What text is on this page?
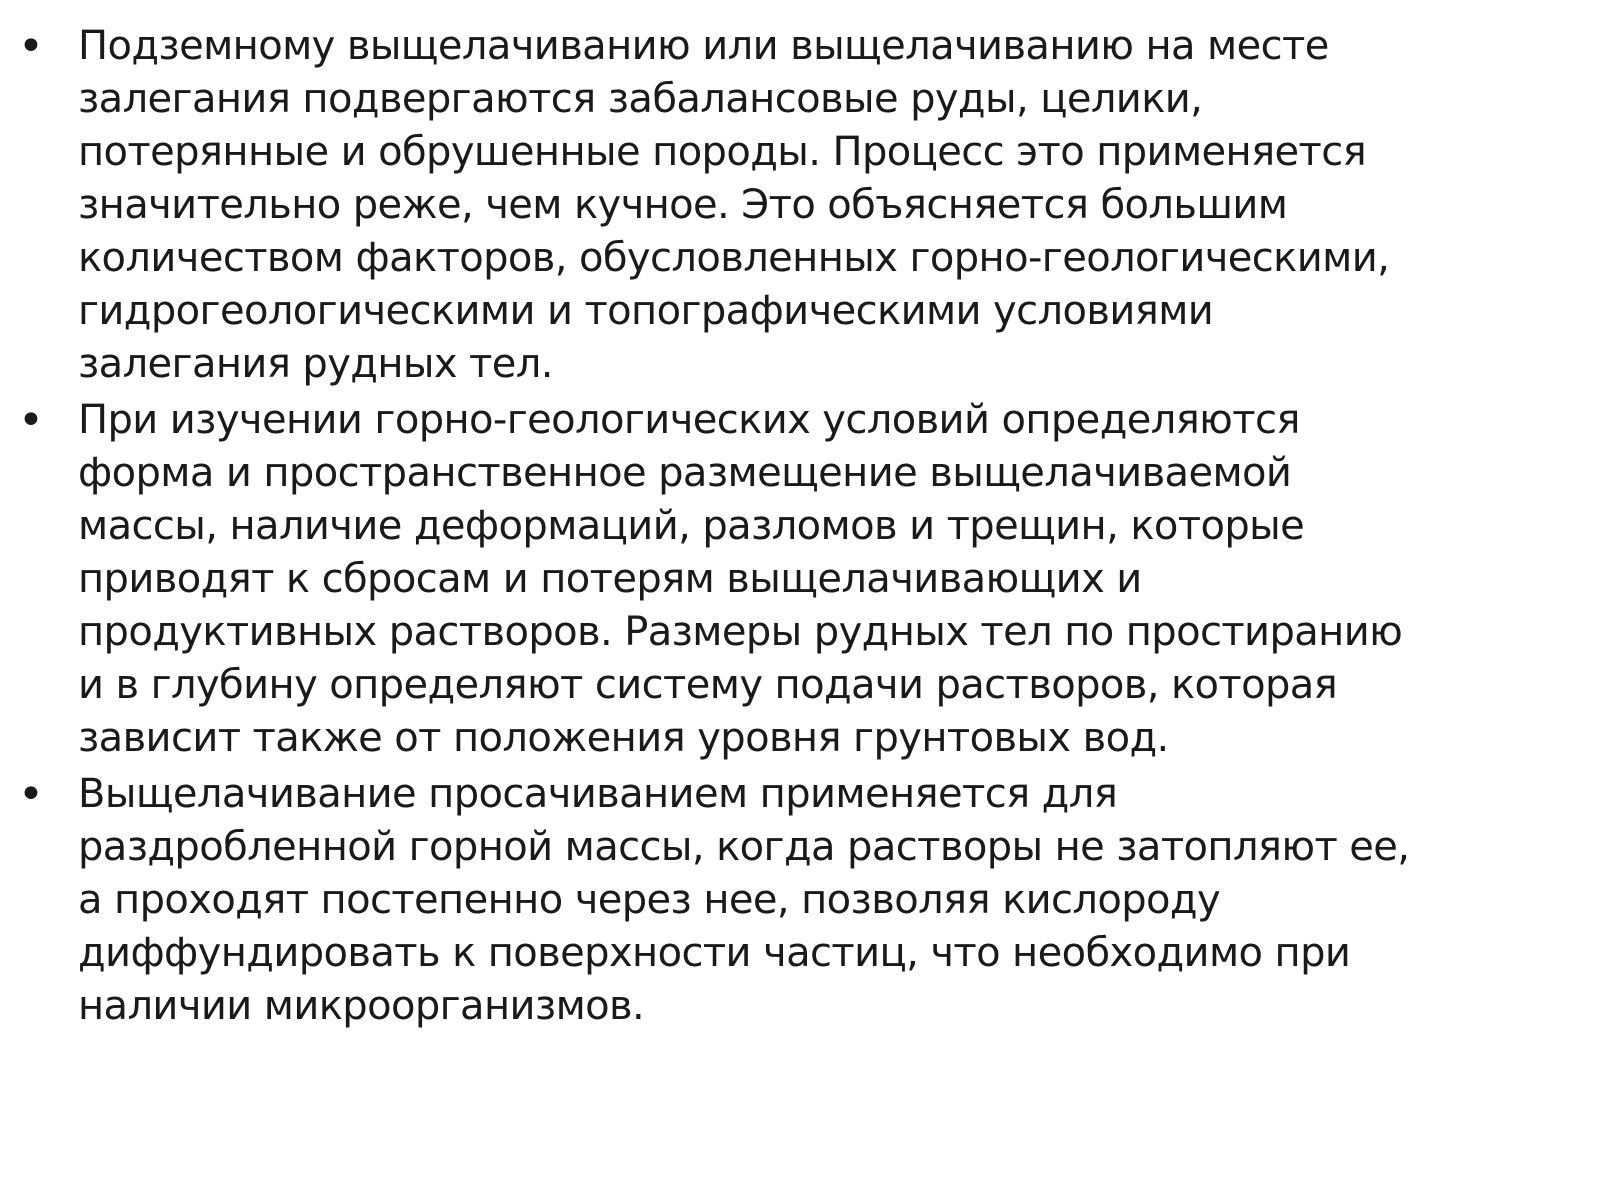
• Подземному выщелачиванию или выщелачиванию на месте
залегания подвергаются забалансовые руды, целики,
потерянные и обрушенные породы. Процесс это применяется
значительно реже, чем кучное. Это объясняется большим
количеством факторов, обусловленных горно-геологическими,
гидрогеологическими и топографическими условиями
залегания рудных тел.
• При изучении горно-геологических условий определяются
форма и пространственное размещение выщелачиваемой
массы, наличие деформаций, разломов и трещин, которые
приводят к сбросам и потерям выщелачивающих и
продуктивных растворов. Размеры рудных тел по простиранию
и в глубину определяют систему подачи растворов, которая
зависит также от положения уровня грунтовых вод.
• Выщелачивание просачиванием применяется для
раздробленной горной массы, когда растворы не затопляют ее,
а проходят постепенно через нее, позволяя кислороду
диффундировать к поверхности частиц, что необходимо при
наличии микроорганизмов.
